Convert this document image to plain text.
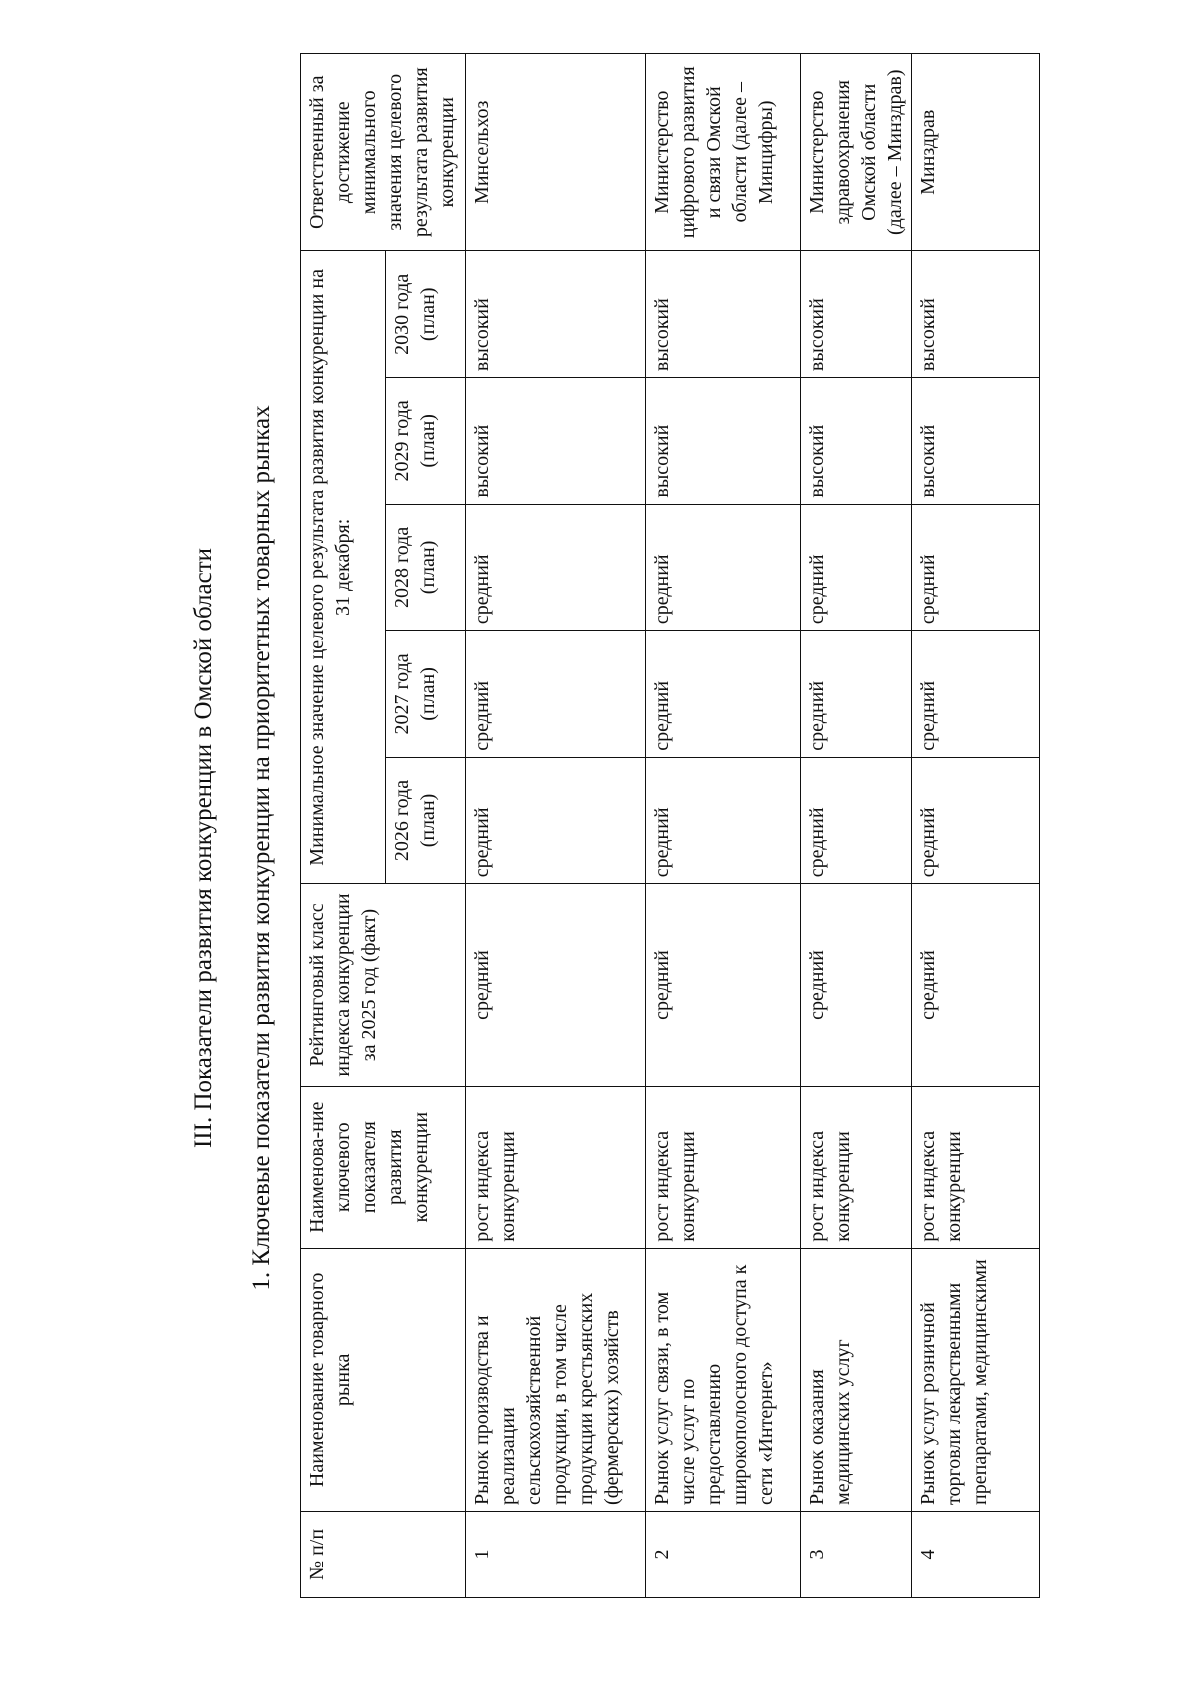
III. Показатели развития конкуренции в Омской области 1. Ключевые показатели развития конкуренции на приоритетных товарных рынках
№ п/п	Наименование товарного рынка	Наименова-ние ключевого показателя развития конкуренции	Рейтинговый класс индекса конкуренции за 2025 год (факт)	Минимальное значение целевого результата развития конкуренции на 31 декабря:					Ответственный за достижение минимального значения целевого результата развития конкуренции
				2026 года (план)	2027 года (план)	2028 года (план)	2029 года (план)	2030 года (план)	
1	Рынок производства и реализации сельскохозяйственной продукции, в том числе продукции крестьянских (фермерских) хозяйств	рост индекса конкуренции	средний	средний	средний	средний	высокий	высокий	Минсельхоз
2	Рынок услуг связи, в том числе услуг по предоставлению широкополосного доступа к сети «Интернет»	рост индекса конкуренции	средний	средний	средний	средний	высокий	высокий	Министерство цифрового развития и связи Омской области (далее – Минцифры)
3	Рынок оказания медицинских услуг	рост индекса конкуренции	средний	средний	средний	средний	высокий	высокий	Министерство здравоохранения Омской области (далее – Минздрав)
4	Рынок услуг розничной торговли лекарственными препаратами, медицинскими	рост индекса конкуренции	средний	средний	средний	средний	высокий	высокий	Минздрав
